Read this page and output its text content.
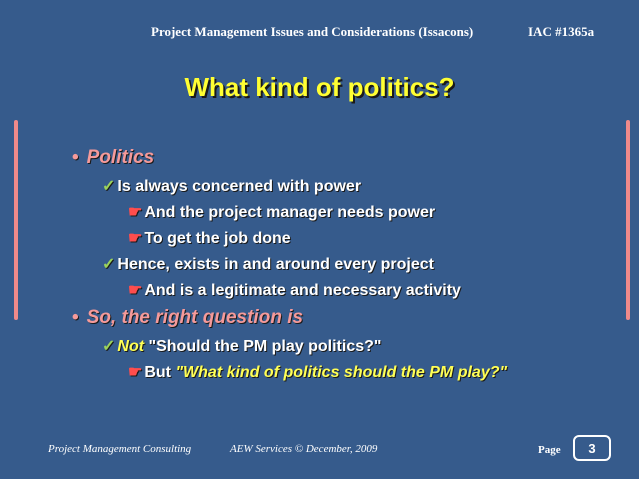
Project Management Issues and Considerations (Issacons)	IAC #1365a
What kind of politics?
• Politics
✓ Is always concerned with power
☛ And the project manager needs power
☛ To get the job done
✓ Hence, exists in and around every project
☛ And is a legitimate and necessary activity
• So, the right question is
✓ Not "Should the PM play politics?"
☛ But "What kind of politics should the PM play?"
Project Management Consulting	AEW Services © December, 2009	Page 3
